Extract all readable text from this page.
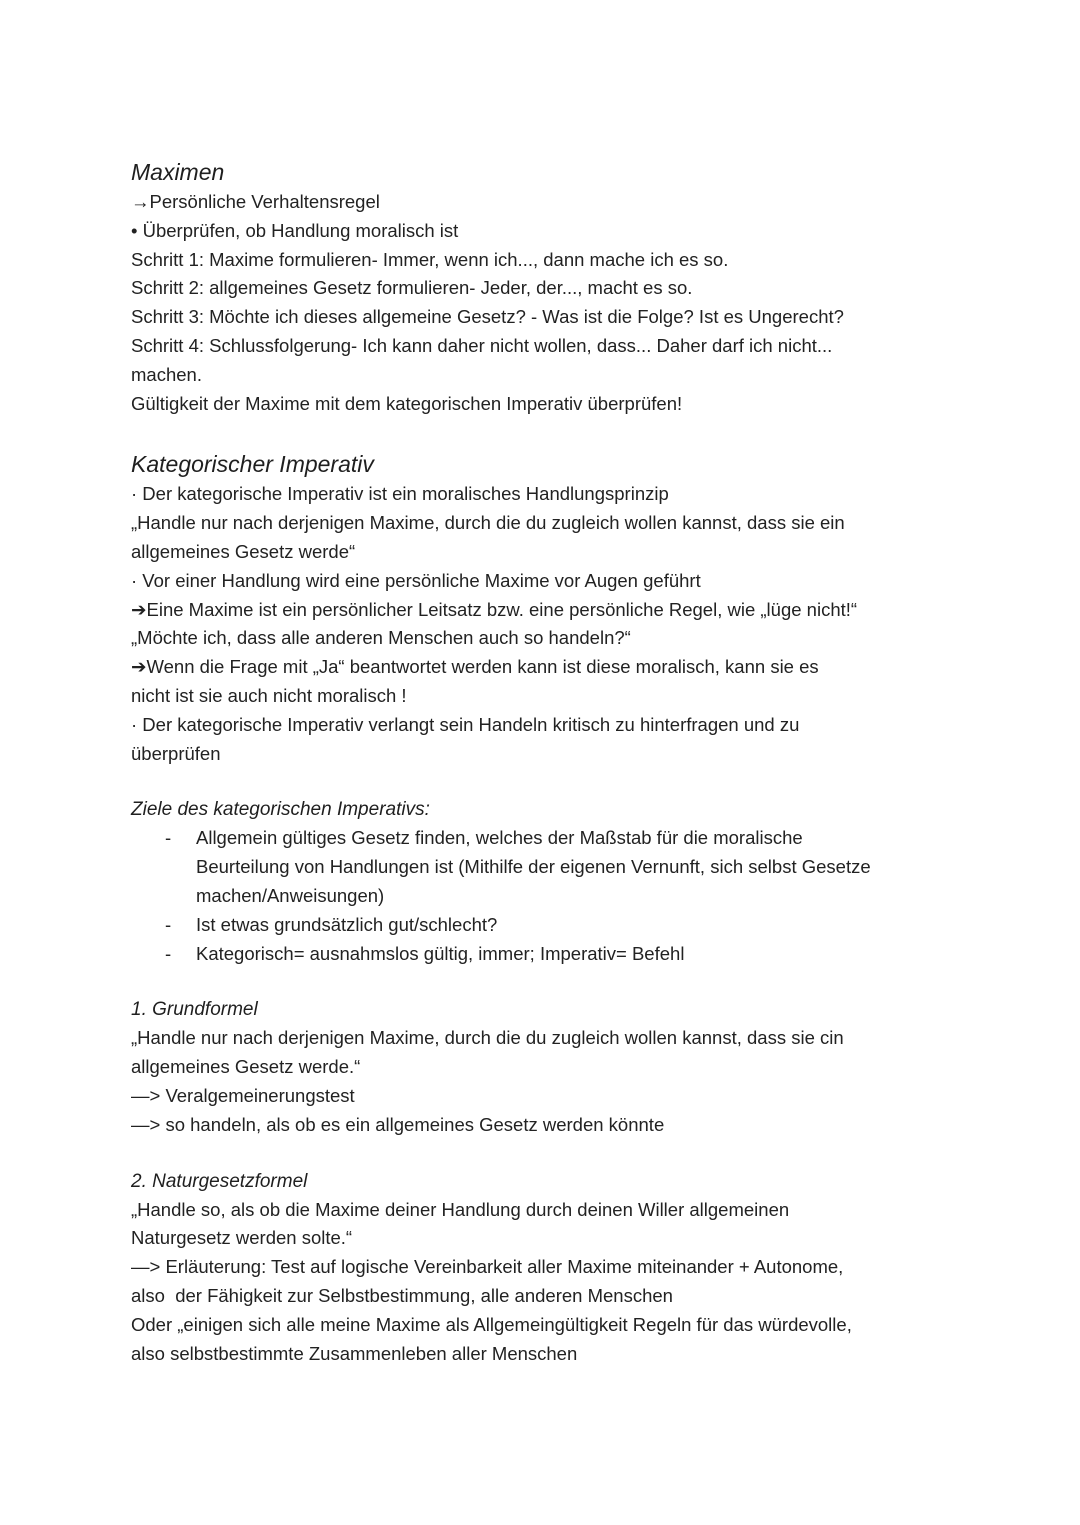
Maximen

→Persönliche Verhaltensregel

• Überprüfen, ob Handlung moralisch ist

Schritt 1: Maxime formulieren- Immer, wenn ich..., dann mache ich es so.

Schritt 2: allgemeines Gesetz formulieren- Jeder, der..., macht es so.

Schritt 3: Möchte ich dieses allgemeine Gesetz? - Was ist die Folge? Ist es Ungerecht?

Schritt 4: Schlussfolgerung- Ich kann daher nicht wollen, dass... Daher darf ich nicht...

machen.

Gültigkeit der Maxime mit dem kategorischen Imperativ überprüfen!

Kategorischer Imperativ

· Der kategorische Imperativ ist ein moralisches Handlungsprinzip

„Handle nur nach derjenigen Maxime, durch die du zugleich wollen kannst, dass sie ein

allgemeines Gesetz werde“

· Vor einer Handlung wird eine persönliche Maxime vor Augen geführt

➔Eine Maxime ist ein persönlicher Leitsatz bzw. eine persönliche Regel, wie „lüge nicht!“

„Möchte ich, dass alle anderen Menschen auch so handeln?“

➔Wenn die Frage mit „Ja“ beantwortet werden kann ist diese moralisch, kann sie es

nicht ist sie auch nicht moralisch !

· Der kategorische Imperativ verlangt sein Handeln kritisch zu hinterfragen und zu

überprüfen

Ziele des kategorischen Imperativs:

- Allgemein gültiges Gesetz finden, welches der Maßstab für die moralische
Beurteilung von Handlungen ist (Mithilfe der eigenen Vernunft, sich selbst Gesetze
machen/Anweisungen)
- Ist etwas grundsätzlich gut/schlecht?
- Kategorisch= ausnahmslos gültig, immer; Imperativ= Befehl

1. Grundformel

„Handle nur nach derjenigen Maxime, durch die du zugleich wollen kannst, dass sie cin

allgemeines Gesetz werde.“

—> Veralgemeinerungstest

—> so handeln, als ob es ein allgemeines Gesetz werden könnte

2. Naturgesetzformel

„Handle so, als ob die Maxime deiner Handlung durch deinen Willer allgemeinen

Naturgesetz werden solte.“

—> Erläuterung: Test auf logische Vereinbarkeit aller Maxime miteinander + Autonome,

also  der Fähigkeit zur Selbstbestimmung, alle anderen Menschen

Oder „einigen sich alle meine Maxime als Allgemeingültigkeit Regeln für das würdevolle,

also selbstbestimmte Zusammenleben aller Menschen
